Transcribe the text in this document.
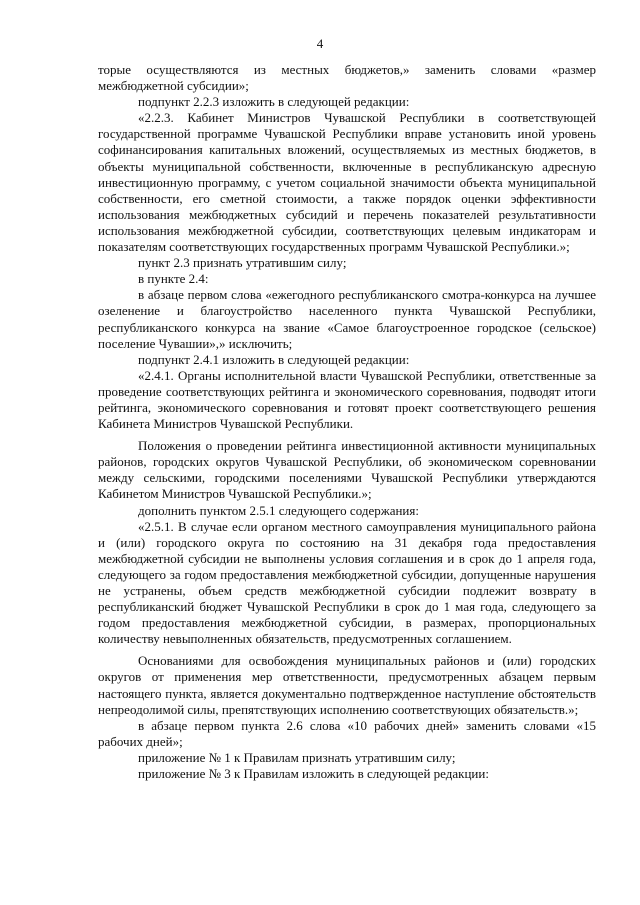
4

торые осуществляются из местных бюджетов,» заменить словами «размер межбюджетной субсидии»;

подпункт 2.2.3 изложить в следующей редакции:

«2.2.3. Кабинет Министров Чувашской Республики в соответствующей государственной программе Чувашской Республики вправе установить иной уровень софинансирования капитальных вложений, осуществляемых из местных бюджетов, в объекты муниципальной собственности, включенные в республиканскую адресную инвестиционную программу, с учетом социальной значимости объекта муниципальной собственности, его сметной стоимости, а также порядок оценки эффективности использования межбюджетных субсидий и перечень показателей результативности использования межбюджетной субсидии, соответствующих целевым индикаторам и показателям соответствующих государственных программ Чувашской Республики.»;

пункт 2.3 признать утратившим силу;

в пункте 2.4:

в абзаце первом слова «ежегодного республиканского смотра-конкурса на лучшее озеленение и благоустройство населенного пункта Чувашской Республики, республиканского конкурса на звание «Самое благоустроенное городское (сельское) поселение Чувашии»,» исключить;

подпункт 2.4.1 изложить в следующей редакции:

«2.4.1. Органы исполнительной власти Чувашской Республики, ответственные за проведение соответствующих рейтинга и экономического соревнования, подводят итоги рейтинга, экономического соревнования и готовят проект соответствующего решения Кабинета Министров Чувашской Республики.

Положения о проведении рейтинга инвестиционной активности муниципальных районов, городских округов Чувашской Республики, об экономическом соревновании между сельскими, городскими поселениями Чувашской Республики утверждаются Кабинетом Министров Чувашской Республики.»;

дополнить пунктом 2.5.1 следующего содержания:

«2.5.1. В случае если органом местного самоуправления муниципального района и (или) городского округа по состоянию на 31 декабря года предоставления межбюджетной субсидии не выполнены условия соглашения и в срок до 1 апреля года, следующего за годом предоставления межбюджетной субсидии, допущенные нарушения не устранены, объем средств межбюджетной субсидии подлежит возврату в республиканский бюджет Чувашской Республики в срок до 1 мая года, следующего за годом предоставления межбюджетной субсидии, в размерах, пропорциональных количеству невыполненных обязательств, предусмотренных соглашением.

Основаниями для освобождения муниципальных районов и (или) городских округов от применения мер ответственности, предусмотренных абзацем первым настоящего пункта, является документально подтвержденное наступление обстоятельств непреодолимой силы, препятствующих исполнению соответствующих обязательств.»;

в абзаце первом пункта 2.6 слова «10 рабочих дней» заменить словами «15 рабочих дней»;

приложение № 1 к Правилам признать утратившим силу;

приложение № 3 к Правилам изложить в следующей редакции:
